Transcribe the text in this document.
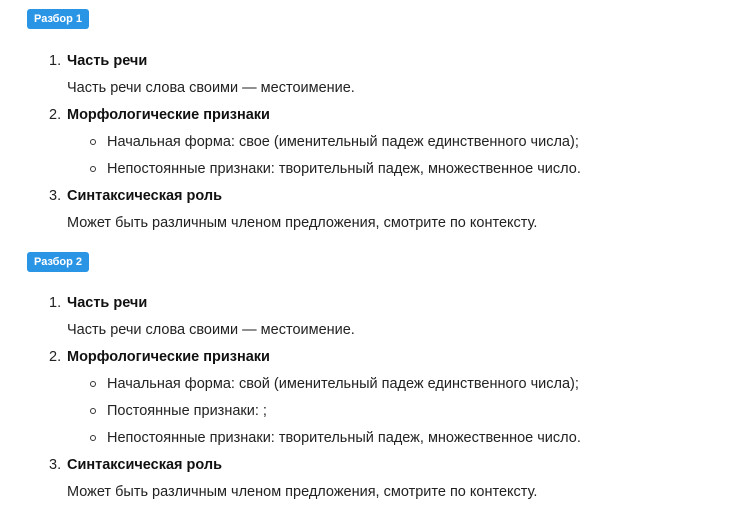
Разбор 1
1. Часть речи
Часть речи слова своими — местоимение.
2. Морфологические признаки
Начальная форма: свое (именительный падеж единственного числа);
Непостоянные признаки: творительный падеж, множественное число.
3. Синтаксическая роль
Может быть различным членом предложения, смотрите по контексту.
Разбор 2
1. Часть речи
Часть речи слова своими — местоимение.
2. Морфологические признаки
Начальная форма: свой (именительный падеж единственного числа);
Постоянные признаки: ;
Непостоянные признаки: творительный падеж, множественное число.
3. Синтаксическая роль
Может быть различным членом предложения, смотрите по контексту.
